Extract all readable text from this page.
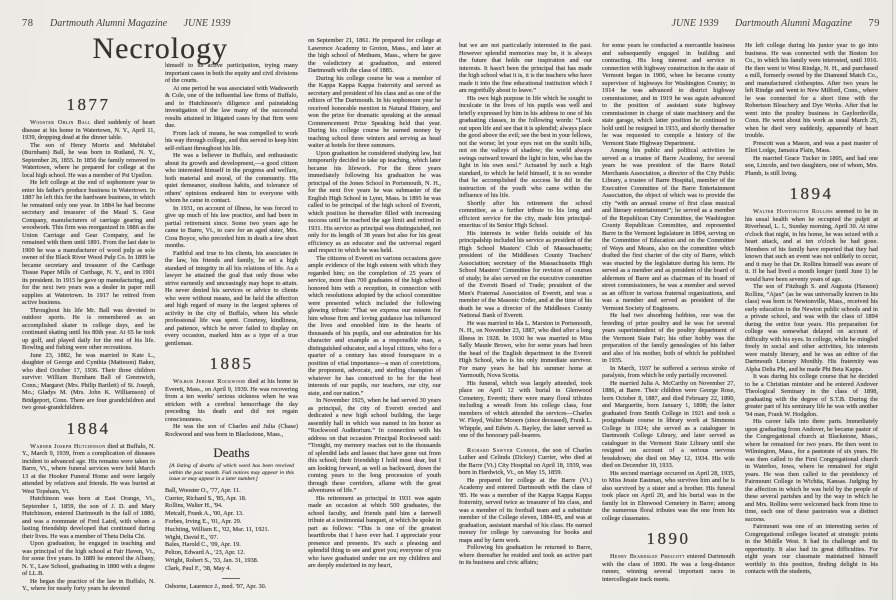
78 Dartmouth Alumni Magazine JUNE 1939	JUNE 1939 Dartmouth Alumni Magazine 79
Necrology
1877

Wooster Orlin Ball died suddenly of heart disease at his home in Watertown, N. Y., April 11, 1939, dropping dead at the dinner table.

The son of Henry Morris and Mehitabel (Burnham) Ball, he was born in Rutland, N. Y., September 26, 1855. In 1856 the family removed to Watertown, where he prepared for college at the local high school. He was a member of Psi Upsilon.

He left college at the end of sophomore year to enter his father's produce business in Watertown. In 1887 he left this for the hardware business, in which he remained only one year. In 1884 he had become secretary and treasurer of the Maud S. Gear Company, manufacturers of carriage gearing and woodwork. This firm was reorganized in 1886 as the Union Carriage and Gear Company, and he remained with them until 1891. From the last date to 1900 he was a manufacturer of wood pulp as sole owner of the Black River Wood Pulp Co. In 1899 he became secretary and treasurer of the Carthage Tissue Paper Mills of Carthage, N. Y., and in 1901 its president. In 1915 he gave up manufacturing, and for the next two years was a dealer in paper mill supplies at Watertown. In 1917 he retired from active business.

Throughout his life Mr. Ball was devoted to outdoor sports. He is remembered as an accomplished skater in college days, and he continued skating until his 80th year. At 65 he took up golf, and played daily for the rest of his life. Bowling and fishing were other recreations.

June 23, 1882, he was married to Kate L., daughter of George and Cynthia (Matteson) Baker, who died October 17, 1936. Their three children survive: William Burnham Ball of Greenwich, Conn.; Margaret (Mrs. Philip Bartlett) of St. Joseph, Mo.; Gladys M. (Mrs. John K. Williamson) of Bridgeport, Conn. There are four grandchildren and two great-grandchildren.

1884

Warner Joseph Hutchinson died at Buffalo, N. Y., March 9, 1939, from a complication of diseases incident to advanced age. His remains were taken to Barre, Vt., where funeral services were held March 13 at the Hooker Funeral Home and were largely attended by relatives and friends. He was buried at West Topsham, Vt.

Hutchinson was born at East Orange, Vt., September 1, 1859, the son of J. D. and Mary Hutchinson, entered Dartmouth in the fall of 1880, and was a roommate of Fred Laird, with whom a lasting friendship developed that continued during their lives. He was a member of Theta Delta Chi.

Upon graduation, he engaged in teaching and was principal of the high school at Fair Haven, Vt., for some five years. In 1889 he entered the Albany, N. Y., Law School, graduating in 1890 with a degree of LL.B.

He began the practice of the law in Buffalo, N. Y., where for nearly forty years he devoted

himself to its active participation, trying many important cases in both the equity and civil divisions of the courts.

At one period he was associated with Wadsworth & Cole, one of the influential law firms of Buffalo, and to Hutchinson's diligence and painstaking investigation of the law many of the successful results attained in litigated cases by that firm were due.

From lack of means, he was compelled to work his way through college, and this served to keep him self-reliant throughout his life.

He was a believer in Buffalo, and enthusiastic about its growth and development,—a good citizen who interested himself in the progress and welfare, both material and moral, of the community. His quiet demeanor, studious habits, and tolerance of others' opinions endeared him to everyone with whom he came in contact.

In 1931, on account of illness, he was forced to give up much of his law practice, and had been in partial retirement since. Some two years ago he came to Barre, Vt., to care for an aged sister, Mrs. Cora Boyce, who preceded him in death a few short months.

Faithful and true to his clients, his associates in the law, his friends and family, he set a high standard of integrity in all his relations of life. As a lawyer he attained the goal that only those who strive earnestly and unceasingly may hope to attain. He never denied his services or advice to clients who were without means, and he held the affection and high regard of many in the largest spheres of activity in the city of Buffalo, where his whole professional life was spent. Courtesy, kindliness, and patience, which he never failed to display on every occasion, marked him as a type of a true gentleman.

1885

Wilbur Jerome Rockwood died at his home in Everett, Mass., on April 9, 1939. He was recovering from a ten weeks' serious sickness when he was stricken with a cerebral hemorrhage the day preceding his death and did not regain consciousness.

He was the son of Charles and Julia (Chase) Rockwood and was born in Blackstone, Mass.,

Deaths
[A listing of deaths of which word has been received within the past month. Full notices may appear in this issue or may appear in a later number.]
Ball, Wooster O., '77, Apr. 11.
Currier, Richard S., '85, Apr. 18.
Rollins, Walter H., '94.
Metcalf, Frank A., '00, Apr. 13.
Forbes, Irving E., '01, Apr. 29.
Huchting, William E., '02, Mar. 11, 1921.
Wight, David E., '07.
Bales, Harold C., '09, Apr. 19.
Pelton, Edward A., '23, Apr. 12.
Wright, Robert S., '33, Jan. 31, 1938.
Clark, Paul F., '38, May 4.
Osborne, Laurence J., med. '97, Apr. 30.

on September 21, 1861. He prepared for college at Lawrence Academy in Groton, Mass., and later at the high school of Methuen, Mass., where he gave the valedictory at graduation, and entered Dartmouth with the class of 1885.

During his college course he was a member of the Kappa Kappa Kappa fraternity and served as secretary and president of his class and as one of the editors of The Dartmouth. In his sophomore year he received honorable mention in Natural History, and won the prize for dramatic speaking at the annual Commencement Prize Speaking held that year. During his college course he earned money by teaching school three winters and serving as head waiter at hotels for three summers.

Upon graduation he considered studying law, but temporarily decided to take up teaching, which later became his lifework. For the three years immediately following his graduation he was principal of the Jones School in Portsmouth, N. H., for the next five years he was submaster of the English High School in Lynn, Mass. In 1895 he was called to be principal of the high school of Everett, which position he thereafter filled with increasing success until he reached the age limit and retired in 1931. His service as principal was distinguished, not only for its length of 38 years but also for his great efficiency as an educator and the universal regard and respect in which he was held.

The citizens of Everett on various occasions gave ample evidence of the high esteem with which they regarded him; on the completion of 25 years of service, more than 700 graduates of the high school honored him with a reception, in connection with which resolutions adopted by the school committee were presented which included the following glowing tribute: “That we express our esteem for him whose firm and loving guidance has influenced the lives and ennobled him in the hearts of thousands of his pupils, and our admiration for his character and example as a responsible man, a distinguished educator, and a loyal citizen, who for a quarter of a century has stood foursquare in a position of vital importance—a man of convictions, the proponent, advocate, and sterling champion of whatever he has conceived to be for the best interests of our pupils, our teachers, our city, our state, and our nation.”

In November 1925, when he had served 30 years as principal, the city of Everett erected and dedicated a new high school building, the large assembly hall in which was named in his honor as “Rockwood Auditorium.” In connection with his address on that occasion Principal Rockwood said: “Tonight, my memory reaches out to the thousands of splendid lads and lasses that have gone out from this school; their friendship I hold most dear, but I am looking forward, as well as backward, down the coming years to the long procession of youth through these corridors, aflame with the great adventures of life.”

His retirement as principal in 1931 was again made an occasion at which 500 graduates, the school faculty, and friends paid him a farewell tribute at a testimonial banquet, at which he spoke in part as follows: “This is one of the greatest heartthrobs that I have ever had. I appreciate your presence and presents. It's such a pleasing and splendid thing to see and greet you; everyone of you who have graduated under me are my children and are deeply enshrined in my heart,

but we are not particularly interested in the past. However splendid memories may be, it is always the future that holds our inspiration and our interests. It hasn't been the principal that has made the high school what it is, it is the teachers who have made it into the fine educational institution which I am regretfully about to leave.”

His own high purpose in life which he sought to inculcate in the lives of his pupils was well and briefly expressed by him in his address to one of his graduating classes, in the following words: “Look out upon life and see that it is splendid; always place the good above the evil; see the best in your fellows, not the worse; let your eyes rest on the sunlit hills, not on the valleys of shadow; the world always swings outward toward the light to him, who has the light in his own soul.” Actuated by such a high standard, to which he held himself, it is no wonder that he accomplished the success he did in the instruction of the youth who came within the influence of his life.

Shortly after his retirement the school committee, as a further tribute to his long and efficient service for the city, made him principal-emeritus of its Senior High School.

His interests in wider fields outside of his principalship included his service as president of the High School Masters' Club of Massachusetts; president of the Middlesex County Teachers' Association; secretary of the Massachusetts High School Masters' Committee for revision of courses of study; he also served on the executive committee of the Everett Board of Trade; president of the Men's Fraternal Association of Everett, and was a member of the Masonic Order, and at the time of his death he was a director of the Middlesex County National Bank of Everett.

He was married to Ida L. Marston in Portsmouth, N. H., on November 23, 1887, who died after a long illness in 1928. In 1930 he was married to Miss Sally Maude Brown, who for some years had been the head of the English department in the Everett High School, who is his only immediate survivor. For many years he had his summer home at Yarmouth, Nova Scotia.

His funeral, which was largely attended, took place on April 12 with burial in Glenwood Cemetery, Everett; there were many floral tributes including a wreath from his college class, four members of which attended the services—Charles W. Floyd, Walter Mooers (since deceased), Frank L. Whipple, and Edwin A. Bayley, the latter served as one of the honorary pall-bearers.

Richard Sawyer Currier, the son of Charles Luther and Celinda (Dickey) Currier, who died at the Barre (Vt.) City Hospital on April 18, 1939, was born in Hardwick, Vt., on May 15, 1859.

He prepared for college at the Barre (Vt.) Academy and entered Dartmouth with the class of '85. He was a member of the Kappa Kappa Kappa fraternity, served twice as treasurer of his class, and was a member of its football team and a substitute member of the College eleven, 1884-85, and was at graduation, assistant marshal of his class. He earned money for college by canvassing for books and maps and by farm work.

Following his graduation he returned to Barre, where thereafter he resided and took an active part in its business and civic affairs;

for some years he conducted a mercantile business and subsequently engaged in building and contracting. His long interest and service in connection with highway construction in the state of Vermont began in 1906, when he became county supervisor of highways for Washington County; in 1914 he was advanced to district highway commissioner, and in 1919 he was again advanced to the position of assistant state highway commissioner in charge of state machinery and the state garage, which latter position he continued to hold until he resigned in 1933, and shortly thereafter he was requested to compile a history of the Vermont State Highway Department.

Among his public and political activities he served as a trustee of Barre Academy, for several years he was president of the Barre Retail Merchants Association, a director of the City Public Library, a trustee of Barre Hospital, member of the Executive Committee of the Barre Entertainment Association, the object of which was to provide the city “with an annual course of first class musical and literary entertainment”; he served as a member of the Republican City Committee, the Washington County Republican Committee, and represented Barre in the Vermont legislature in 1894, serving on the Committee of Education and on the Committee of Ways and Means, also on the committee which drafted the first charter of the city of Barre, which was enacted by the legislature during his term. He served as a member and as president of the board of aldermen of Barre and as chairman of its board of street commissioners, he was a member and served as an officer in various fraternal organizations, and was a member and served as president of the Vermont Society of Engineers.

He had two absorbing hobbies, one was the breeding of prize poultry and he was for several years superintendent of the poultry department of the Vermont State Fair; his other hobby was the preparation of the family genealogies of his father and also of his mother, both of which he published in 1935.

In March, 1937 he suffered a serious stroke of paralysis, from which he only partially recovered.

He married Julia A. McCarthy on November 27, 1886, at Barre. Their children were George Rose, born October 8, 1887, and died February 22, 1890, and Marguerite, born January 1, 1898; the latter graduated from Smith College in 1921 and took a postgraduate course in library work at Simmons College in 1924; she served as a cataloguer in Dartmouth College Library, and later served as cataloguer in the Vermont State Library until she resigned on account of a serious nervous breakdown; she died on May 12, 1934. His wife died on December 10, 1933.

His second marriage occurred on April 28, 1935, to Miss Jessie Eastman, who survives him and he is also survived by a sister and a brother. His funeral took place on April 20, and his burial was in the family lot in Elmwood Cemetery in Barre; among the numerous floral tributes was the one from his college classmates.

1890

Henry Beardslee Prescott entered Dartmouth with the class of 1890. He was a long-distance runner, winning several important races in intercollegiate track meets.

He left college during his junior year to go into business. He was connected with the Boston Ice Co., in which his family were interested, until 1916. He then went to West Rindge, N. H., and purchased a mill, formerly owned by the Diamond Match Co., and manufactured clothespins. After two years he left Rindge and went to New Milford, Conn., where he was connected for a short time with the Robertson Bleachery and Dye Works. After that he went into the poultry business in Gaylordsville, Conn. He went about his work as usual March 25, when he died very suddenly, apparently of heart trouble.

Prescott was a Mason, and was a past master of Eliot Lodge, Jamaica Plain, Mass.

He married Grace Tucker in 1895, and had one son, Lincoln, and two daughters, one of whom, Mrs. Plumb, is still living.

1894

Walter Huntington Rollins seemed to be in his usual health when he occupied the pulpit at Riverhead, L. I., Sunday morning, April 30. At nine o'clock that night, in his home, he was seized with a heart attack, and at ten o'clock he had gone. Members of his family have reported that they had known that such an event was not unlikely to occur, and it may be that Dr. Rollins himself was aware of it. If he had lived a month longer (until June 1) he would have been seventy years of age.

The son of Fitzhugh S. and Augusta (Hanson) Rollins, “Ajax” (as he was universally known in his class) was born in Newtonville, Mass., received his early education in the Newton public schools and in a private school, and was with the class of 1894 during the entire four years. His preparation for college was somewhat delayed on account of difficulty with his eyes. In college, while he mingled freely in social and other activities, his interests were mainly literary, and he was an editor of the Dartmouth Literary Monthly. His fraternity was Alpha Delta Phi, and he made Phi Beta Kappa.

It was during his college course that he decided to be a Christian minister and he entered Andover Theological Seminary in the class of 1898, graduating with the degree of S.T.B. During the greater part of his seminary life he was with another '94 man, Frank W. Hodgdon.

His career falls into three parts. Immediately upon graduating from Andover, he became pastor of the Congregational church at Blackstone, Mass., where he remained for two years. He then went to Wilmington, Mass., for a pastorate of six years. He was then called to the First Congregational church in Waterloo, Iowa, where he remained for eight years. He was then called to the presidency of Fairmount College in Wichita, Kansas. Judging by the affection in which he was held by the people of these several parishes and by the way in which he and Mrs. Rollins were welcomed back from time to time, each one of these pastorates was a distinct success.

Fairmount was one of an interesting series of Congregational colleges located at strategic points in the Middle West. It had its challenge and its opportunity. It also had its great difficulties. For eight years our classmate maintained himself worthily in this position, finding delight in his contacts with the students,
